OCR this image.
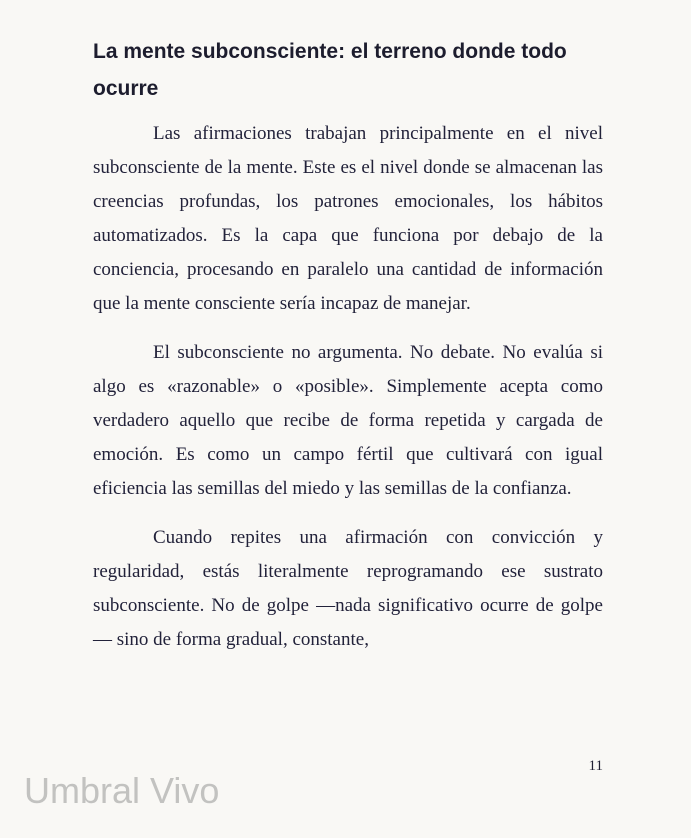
La mente subconsciente: el terreno donde todo ocurre

Las afirmaciones trabajan principalmente en el nivel subconsciente de la mente. Este es el nivel donde se almacenan las creencias profundas, los patrones emocionales, los hábitos automatizados. Es la capa que funciona por debajo de la conciencia, procesando en paralelo una cantidad de información que la mente consciente sería incapaz de manejar.

El subconsciente no argumenta. No debate. No evalúa si algo es «razonable» o «posible». Simplemente acepta como verdadero aquello que recibe de forma repetida y cargada de emoción. Es como un campo fértil que cultivará con igual eficiencia las semillas del miedo y las semillas de la confianza.

Cuando repites una afirmación con convicción y regularidad, estás literalmente reprogramando ese sustrato subconsciente. No de golpe —nada significativo ocurre de golpe— sino de forma gradual, constante,

11
Umbral Vivo
